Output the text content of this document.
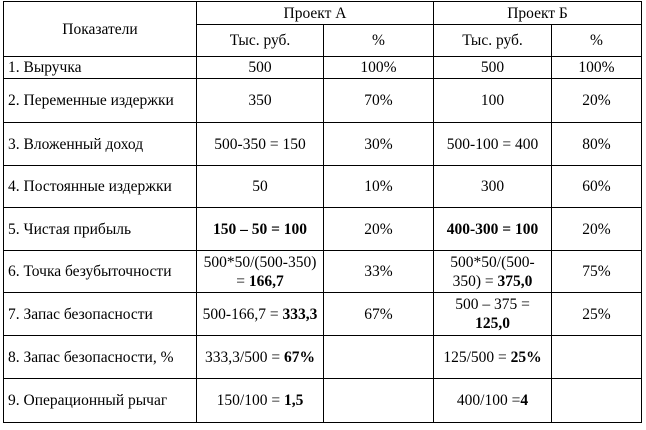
Показатели	Проект А		Проект Б	
	Тыс. руб.	%	Тыс. руб.	%
1. Выручка	500	100%	500	100%
2. Переменные издержки	350	70%	100	20%
3. Вложенный доход	500-350 = 150	30%	500-100 = 400	80%
4. Постоянные издержки	50	10%	300	60%
5. Чистая прибыль	150 – 50 = 100	20%	400-300 = 100	20%
6. Точка безубыточности	500*50/(500-350) = 166,7	33%	500*50/(500-350) = 375,0	75%
7. Запас безопасности	500-166,7 = 333,3	67%	500 – 375 = 125,0	25%
8. Запас безопасности, %	333,3/500 = 67%		125/500 = 25%	
9. Операционный рычаг	150/100 = 1,5		400/100 =4	
